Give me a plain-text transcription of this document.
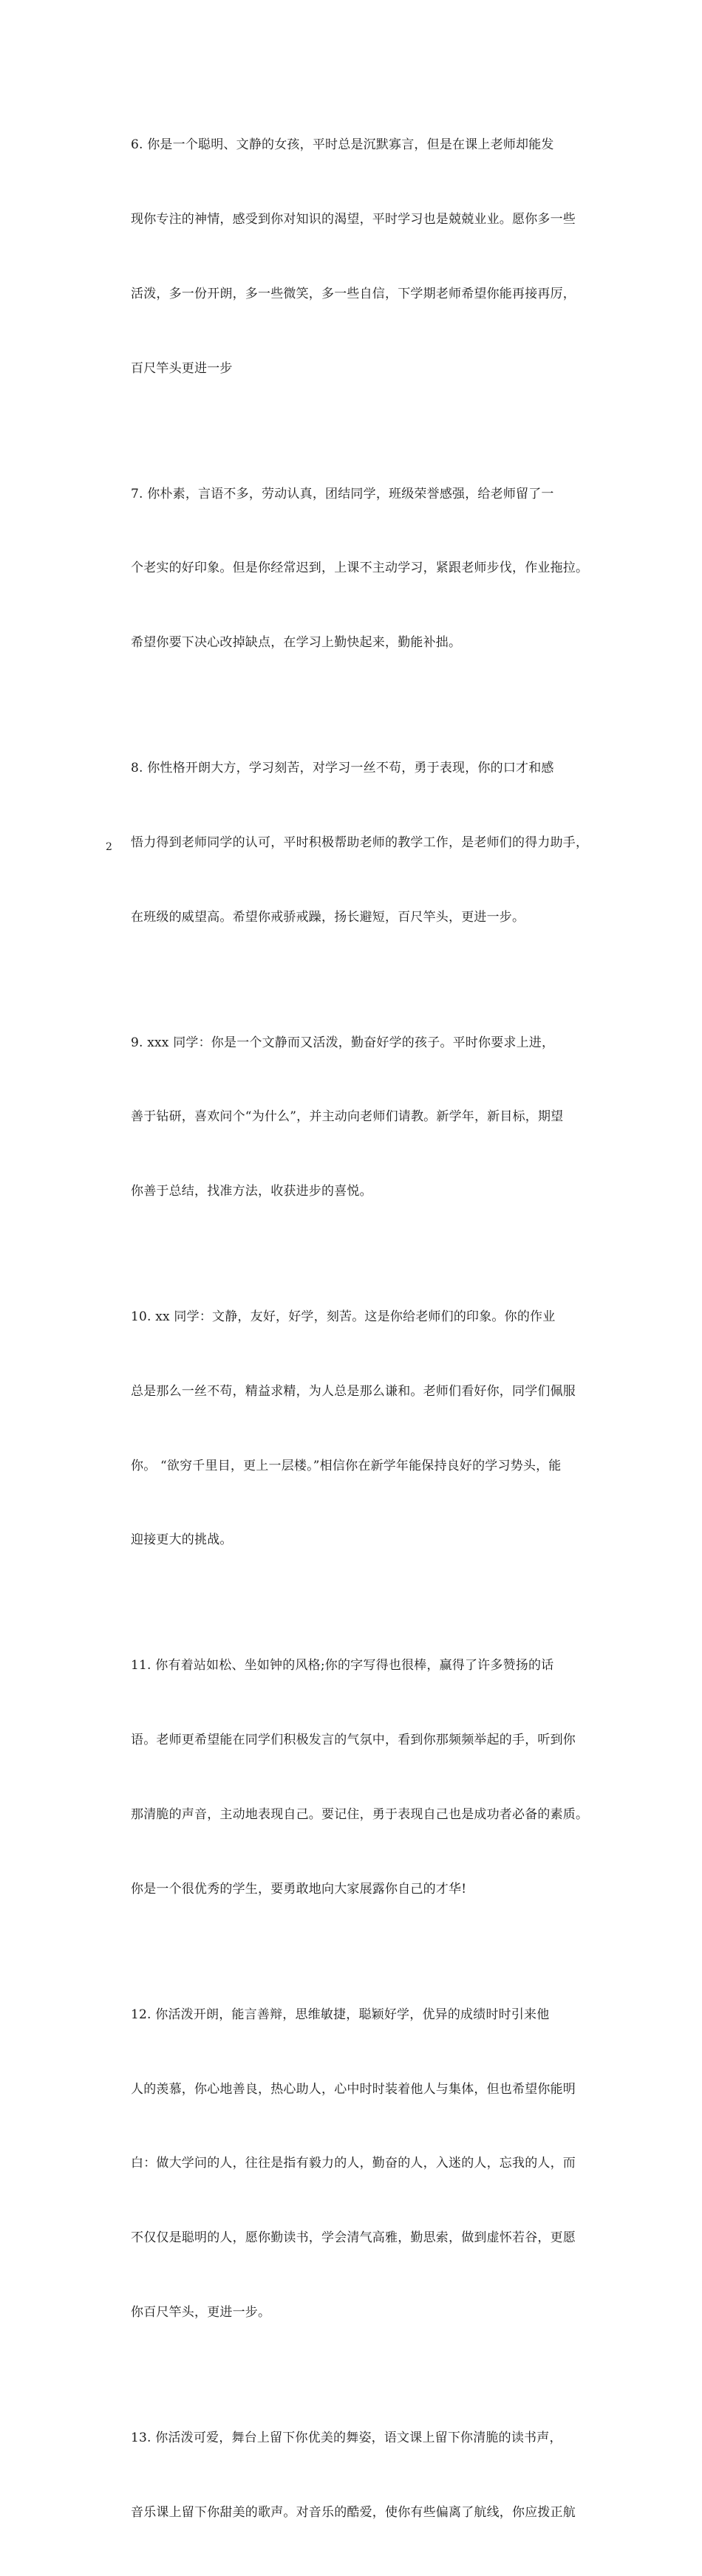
6. 你是一个聪明、文静的女孩，平时总是沉默寡言，但是在课上老师却能发

现你专注的神情，感受到你对知识的渴望，平时学习也是兢兢业业。愿你多一些

活泼，多一份开朗，多一些微笑，多一些自信，下学期老师希望你能再接再厉，

百尺竿头更进一步

7. 你朴素，言语不多，劳动认真，团结同学，班级荣誉感强，给老师留了一

个老实的好印象。但是你经常迟到，上课不主动学习，紧跟老师步伐，作业拖拉。

希望你要下决心改掉缺点，在学习上勤快起来，勤能补拙。

8. 你性格开朗大方，学习刻苦，对学习一丝不苟，勇于表现，你的口才和感

悟力得到老师同学的认可，平时积极帮助老师的教学工作，是老师们的得力助手，

在班级的威望高。希望你戒骄戒躁，扬长避短，百尺竿头，更进一步。

9. xxx 同学：你是一个文静而又活泼，勤奋好学的孩子。平时你要求上进，

善于钻研，喜欢问个“为什么”，并主动向老师们请教。新学年，新目标，期望

你善于总结，找准方法，收获进步的喜悦。

10. xx 同学：文静，友好，好学，刻苦。这是你给老师们的印象。你的作业

总是那么一丝不苟，精益求精，为人总是那么谦和。老师们看好你，同学们佩服

你。 “欲穷千里目，更上一层楼。”相信你在新学年能保持良好的学习势头，能

迎接更大的挑战。

11. 你有着站如松、坐如钟的风格;你的字写得也很棒，赢得了许多赞扬的话

语。老师更希望能在同学们积极发言的气氛中，看到你那频频举起的手，听到你

那清脆的声音，主动地表现自己。要记住，勇于表现自己也是成功者必备的素质。

你是一个很优秀的学生，要勇敢地向大家展露你自己的才华!

12. 你活泼开朗，能言善辩，思维敏捷，聪颖好学，优异的成绩时时引来他

人的羡慕，你心地善良，热心助人，心中时时装着他人与集体，但也希望你能明

白：做大学问的人，往往是指有毅力的人，勤奋的人，入迷的人，忘我的人，而

不仅仅是聪明的人，愿你勤读书，学会清气高雅，勤思索，做到虚怀若谷，更愿

你百尺竿头，更进一步。

13. 你活泼可爱，舞台上留下你优美的舞姿，语文课上留下你清脆的读书声，

音乐课上留下你甜美的歌声。对音乐的酷爱，使你有些偏离了航线，你应拨正航

2
